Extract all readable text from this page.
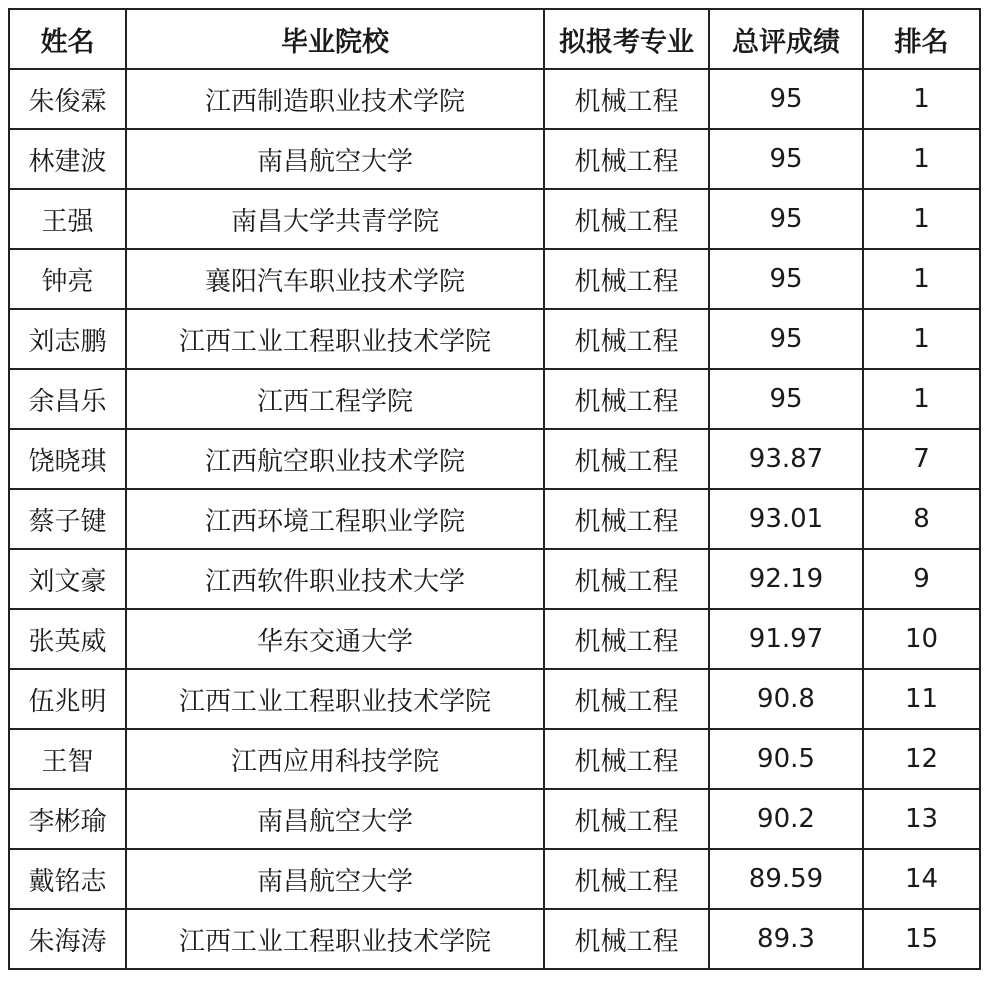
姓名	毕业院校	拟报考专业	总评成绩	排名
朱俊霖	江西制造职业技术学院	机械工程	95	1
林建波	南昌航空大学	机械工程	95	1
王强	南昌大学共青学院	机械工程	95	1
钟亮	襄阳汽车职业技术学院	机械工程	95	1
刘志鹏	江西工业工程职业技术学院	机械工程	95	1
余昌乐	江西工程学院	机械工程	95	1
饶晓琪	江西航空职业技术学院	机械工程	93.87	7
蔡子键	江西环境工程职业学院	机械工程	93.01	8
刘文豪	江西软件职业技术大学	机械工程	92.19	9
张英威	华东交通大学	机械工程	91.97	10
伍兆明	江西工业工程职业技术学院	机械工程	90.8	11
王智	江西应用科技学院	机械工程	90.5	12
李彬瑜	南昌航空大学	机械工程	90.2	13
戴铭志	南昌航空大学	机械工程	89.59	14
朱海涛	江西工业工程职业技术学院	机械工程	89.3	15
